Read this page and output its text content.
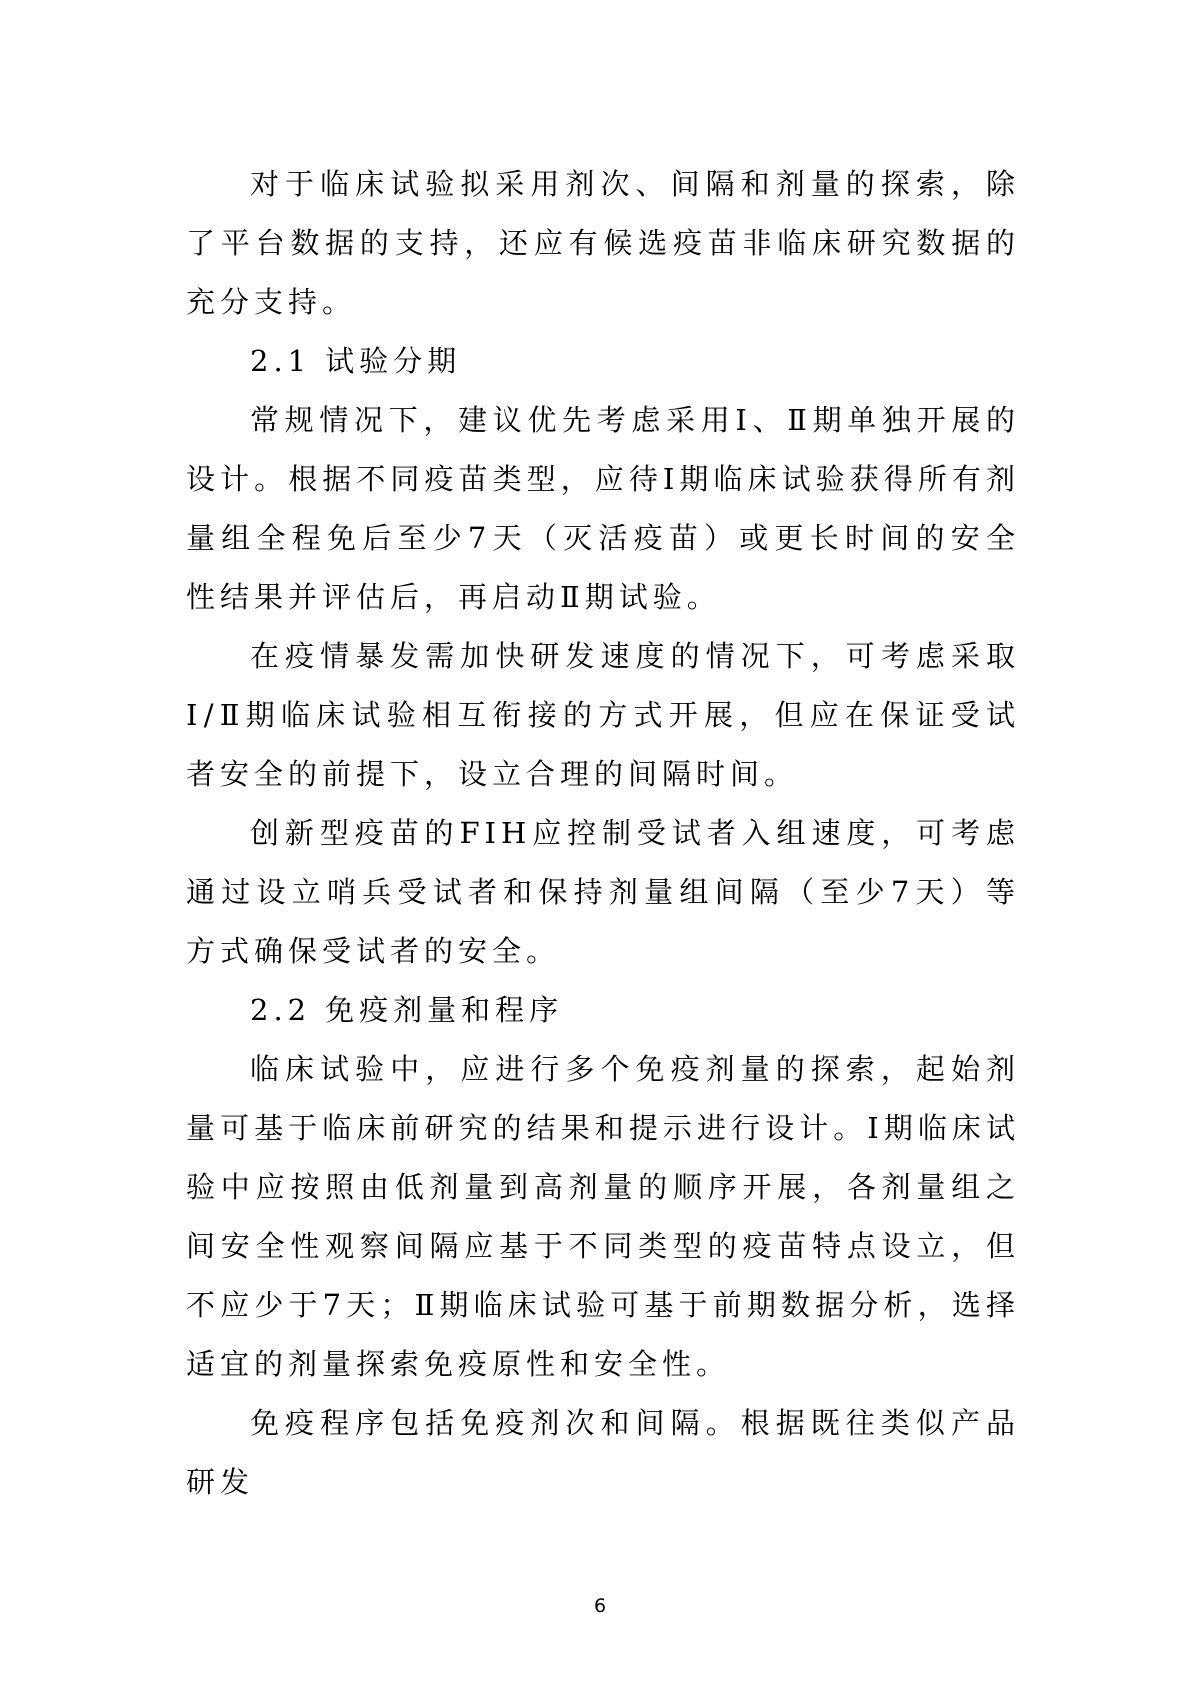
对于临床试验拟采用剂次、间隔和剂量的探索，除了平台数据的支持，还应有候选疫苗非临床研究数据的充分支持。

2.1 试验分期

常规情况下，建议优先考虑采用Ⅰ、Ⅱ期单独开展的设计。根据不同疫苗类型，应待Ⅰ期临床试验获得所有剂量组全程免后至少7天（灭活疫苗）或更长时间的安全性结果并评估后，再启动Ⅱ期试验。

在疫情暴发需加快研发速度的情况下，可考虑采取Ⅰ/Ⅱ期临床试验相互衔接的方式开展，但应在保证受试者安全的前提下，设立合理的间隔时间。

创新型疫苗的FIH应控制受试者入组速度，可考虑通过设立哨兵受试者和保持剂量组间隔（至少7天）等方式确保受试者的安全。

2.2 免疫剂量和程序

临床试验中，应进行多个免疫剂量的探索，起始剂量可基于临床前研究的结果和提示进行设计。Ⅰ期临床试验中应按照由低剂量到高剂量的顺序开展，各剂量组之间安全性观察间隔应基于不同类型的疫苗特点设立，但不应少于7天；Ⅱ期临床试验可基于前期数据分析，选择适宜的剂量探索免疫原性和安全性。

免疫程序包括免疫剂次和间隔。根据既往类似产品研发

6
